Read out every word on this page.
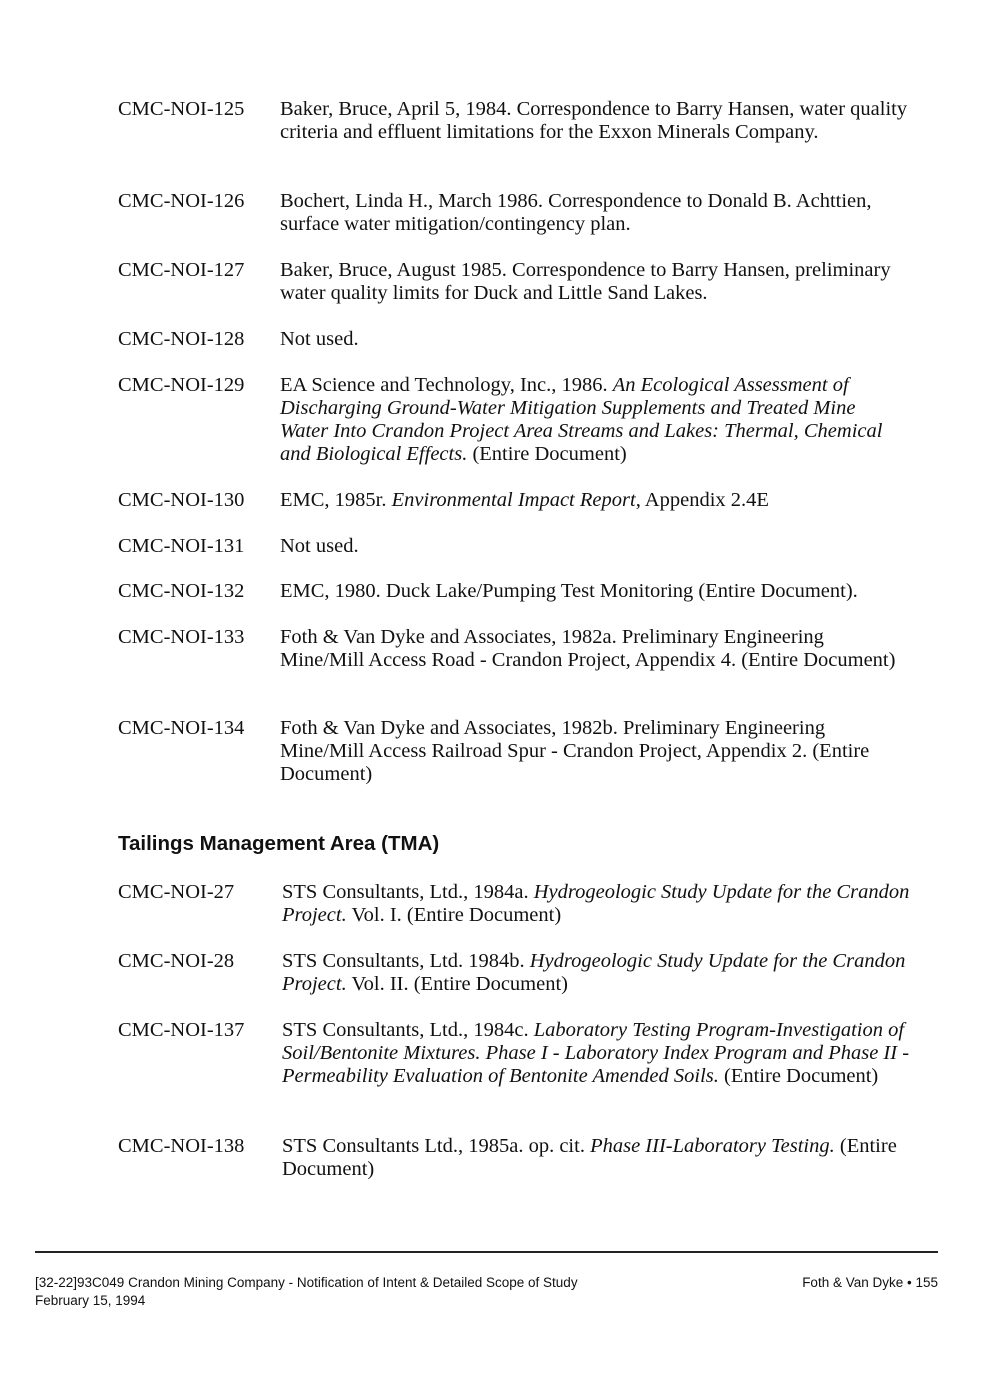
CMC-NOI-125	Baker, Bruce, April 5, 1984. Correspondence to Barry Hansen, water quality criteria and effluent limitations for the Exxon Minerals Company.
CMC-NOI-126	Bochert, Linda H., March 1986. Correspondence to Donald B. Achttien, surface water mitigation/contingency plan.
CMC-NOI-127	Baker, Bruce, August 1985. Correspondence to Barry Hansen, preliminary water quality limits for Duck and Little Sand Lakes.
CMC-NOI-128	Not used.
CMC-NOI-129	EA Science and Technology, Inc., 1986. An Ecological Assessment of Discharging Ground-Water Mitigation Supplements and Treated Mine Water Into Crandon Project Area Streams and Lakes: Thermal, Chemical and Biological Effects. (Entire Document)
CMC-NOI-130	EMC, 1985r. Environmental Impact Report, Appendix 2.4E
CMC-NOI-131	Not used.
CMC-NOI-132	EMC, 1980. Duck Lake/Pumping Test Monitoring (Entire Document).
CMC-NOI-133	Foth & Van Dyke and Associates, 1982a. Preliminary Engineering Mine/Mill Access Road - Crandon Project, Appendix 4. (Entire Document)
CMC-NOI-134	Foth & Van Dyke and Associates, 1982b. Preliminary Engineering Mine/Mill Access Railroad Spur - Crandon Project, Appendix 2. (Entire Document)
Tailings Management Area (TMA)
CMC-NOI-27	STS Consultants, Ltd., 1984a. Hydrogeologic Study Update for the Crandon Project. Vol. I. (Entire Document)
CMC-NOI-28	STS Consultants, Ltd. 1984b. Hydrogeologic Study Update for the Crandon Project. Vol. II. (Entire Document)
CMC-NOI-137	STS Consultants, Ltd., 1984c. Laboratory Testing Program-Investigation of Soil/Bentonite Mixtures. Phase I - Laboratory Index Program and Phase II - Permeability Evaluation of Bentonite Amended Soils. (Entire Document)
CMC-NOI-138	STS Consultants Ltd., 1985a. op. cit. Phase III-Laboratory Testing. (Entire Document)
[32-22]93C049 Crandon Mining Company - Notification of Intent & Detailed Scope of Study
February 15, 1994
Foth & Van Dyke • 155
